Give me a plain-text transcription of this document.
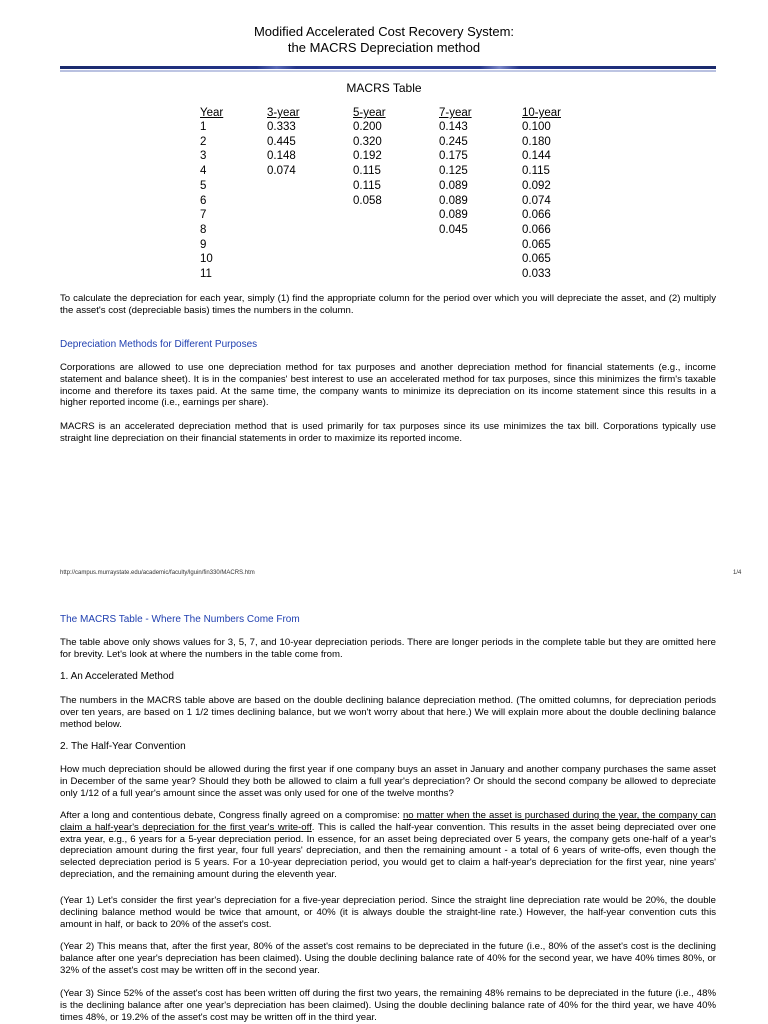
Modified Accelerated Cost Recovery System:
the MACRS Depreciation method
MACRS Table
Year	3-year	5-year	7-year	10-year
1	0.333	0.200	0.143	0.100
2	0.445	0.320	0.245	0.180
3	0.148	0.192	0.175	0.144
4	0.074	0.115	0.125	0.115
5		0.115	0.089	0.092
6		0.058	0.089	0.074
7			0.089	0.066
8			0.045	0.066
9				0.065
10				0.065
11				0.033

To calculate the depreciation for each year, simply (1) find the appropriate column for the period over which you will depreciate the asset, and (2) multiply the asset's cost (depreciable basis) times the numbers in the column.

Depreciation Methods for Different Purposes

Corporations are allowed to use one depreciation method for tax purposes and another depreciation method for financial statements (e.g., income statement and balance sheet). It is in the companies' best interest to use an accelerated method for tax purposes, since this minimizes the firm's taxable income and therefore its taxes paid. At the same time, the company wants to minimize its depreciation on its income statement since this results in a higher reported income (i.e., earnings per share).

MACRS is an accelerated depreciation method that is used primarily for tax purposes since its use minimizes the tax bill. Corporations typically use straight line depreciation on their financial statements in order to maximize its reported income.

http://campus.murraystate.edu/academic/faculty/lguin/fin330/MACRS.htm	1/4

The MACRS Table - Where The Numbers Come From

The table above only shows values for 3, 5, 7, and 10-year depreciation periods. There are longer periods in the complete table but they are omitted here for brevity. Let's look at where the numbers in the table come from.

1. An Accelerated Method

The numbers in the MACRS table above are based on the double declining balance depreciation method. (The omitted columns, for depreciation periods over ten years, are based on 1 1/2 times declining balance, but we won't worry about that here.) We will explain more about the double declining balance method below.

2. The Half-Year Convention

How much depreciation should be allowed during the first year if one company buys an asset in January and another company purchases the same asset in December of the same year? Should they both be allowed to claim a full year's depreciation? Or should the second company be allowed to depreciate only 1/12 of a full year's amount since the asset was only used for one of the twelve months?

After a long and contentious debate, Congress finally agreed on a compromise: no matter when the asset is purchased during the year, the company can claim a half-year's depreciation for the first year's write-off. This is called the half-year convention. This results in the asset being depreciated over one extra year, e.g., 6 years for a 5-year depreciation period. In essence, for an asset being depreciated over 5 years, the company gets one-half of a year's depreciation amount during the first year, four full years' depreciation, and then the remaining amount - a total of 6 years of write-offs, even though the selected depreciation period is 5 years. For a 10-year depreciation period, you would get to claim a half-year's depreciation for the first year, nine years' depreciation, and the remaining amount during the eleventh year.

(Year 1) Let's consider the first year's depreciation for a five-year depreciation period. Since the straight line depreciation rate would be 20%, the double declining balance method would be twice that amount, or 40% (it is always double the straight-line rate.) However, the half-year convention cuts this amount in half, or back to 20% of the asset's cost.

(Year 2) This means that, after the first year, 80% of the asset's cost remains to be depreciated in the future (i.e., 80% of the asset's cost is the declining balance after one year's depreciation has been claimed). Using the double declining balance rate of 40% for the second year, we have 40% times 80%, or 32% of the asset's cost may be written off in the second year.

(Year 3) Since 52% of the asset's cost has been written off during the first two years, the remaining 48% remains to be depreciated in the future (i.e., 48% is the declining balance after one year's depreciation has been claimed). Using the double declining balance rate of 40% for the third year, we have 40% times 48%, or 19.2% of the asset's cost may be written off in the third year.
